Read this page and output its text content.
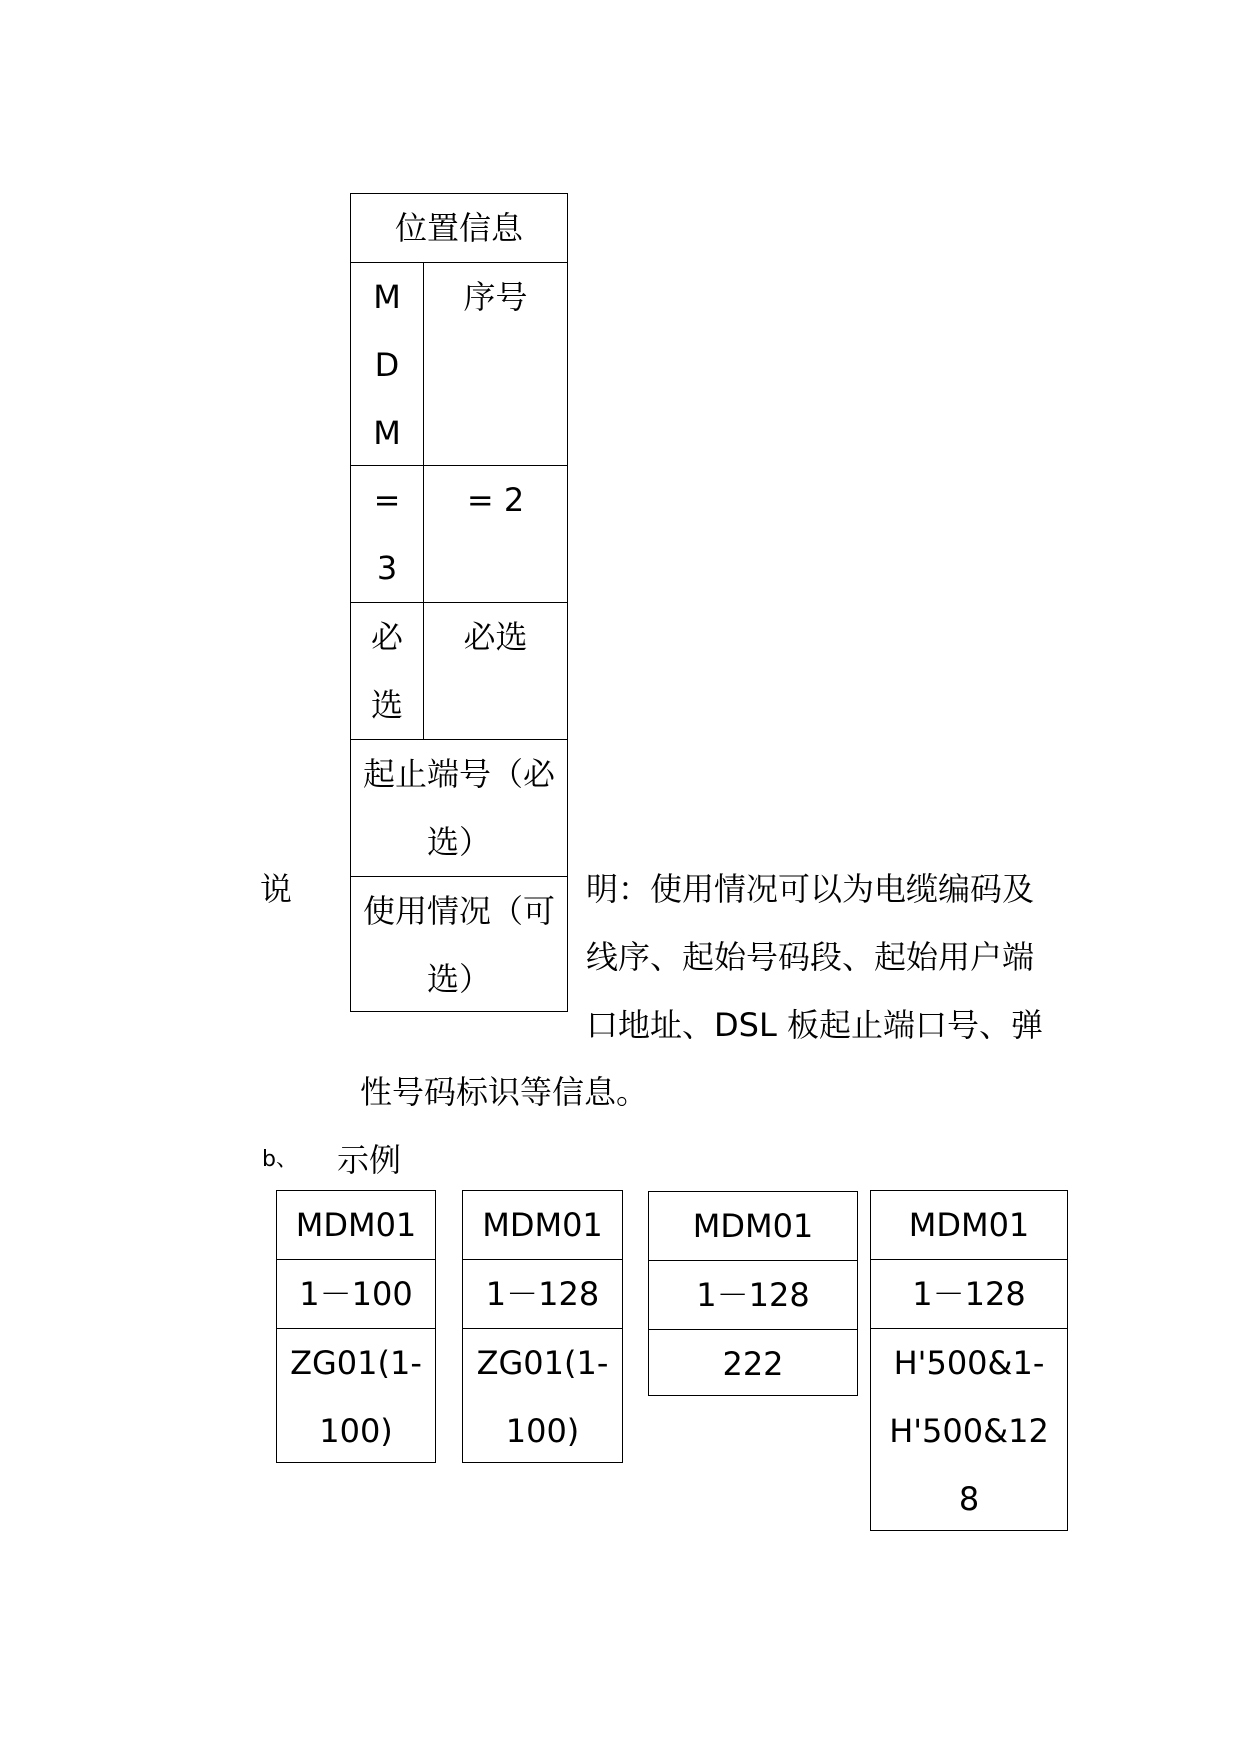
位置信息
M
D
M
序号
=
3
= 2
必
选
必选
起止端号（必
选）
使用情况（可
选）
说	明：使用情况可以为电缆编码及
线序、起始号码段、起始用户端
口地址、DSL 板起止端口号、弹
性号码标识等信息。
b、 示例
MDM01
1－100
ZG01(1-
100)
MDM01
1－128
ZG01(1-
100)
MDM01
1－128
222
MDM01
1－128
H'500&1-
H'500&12
8
